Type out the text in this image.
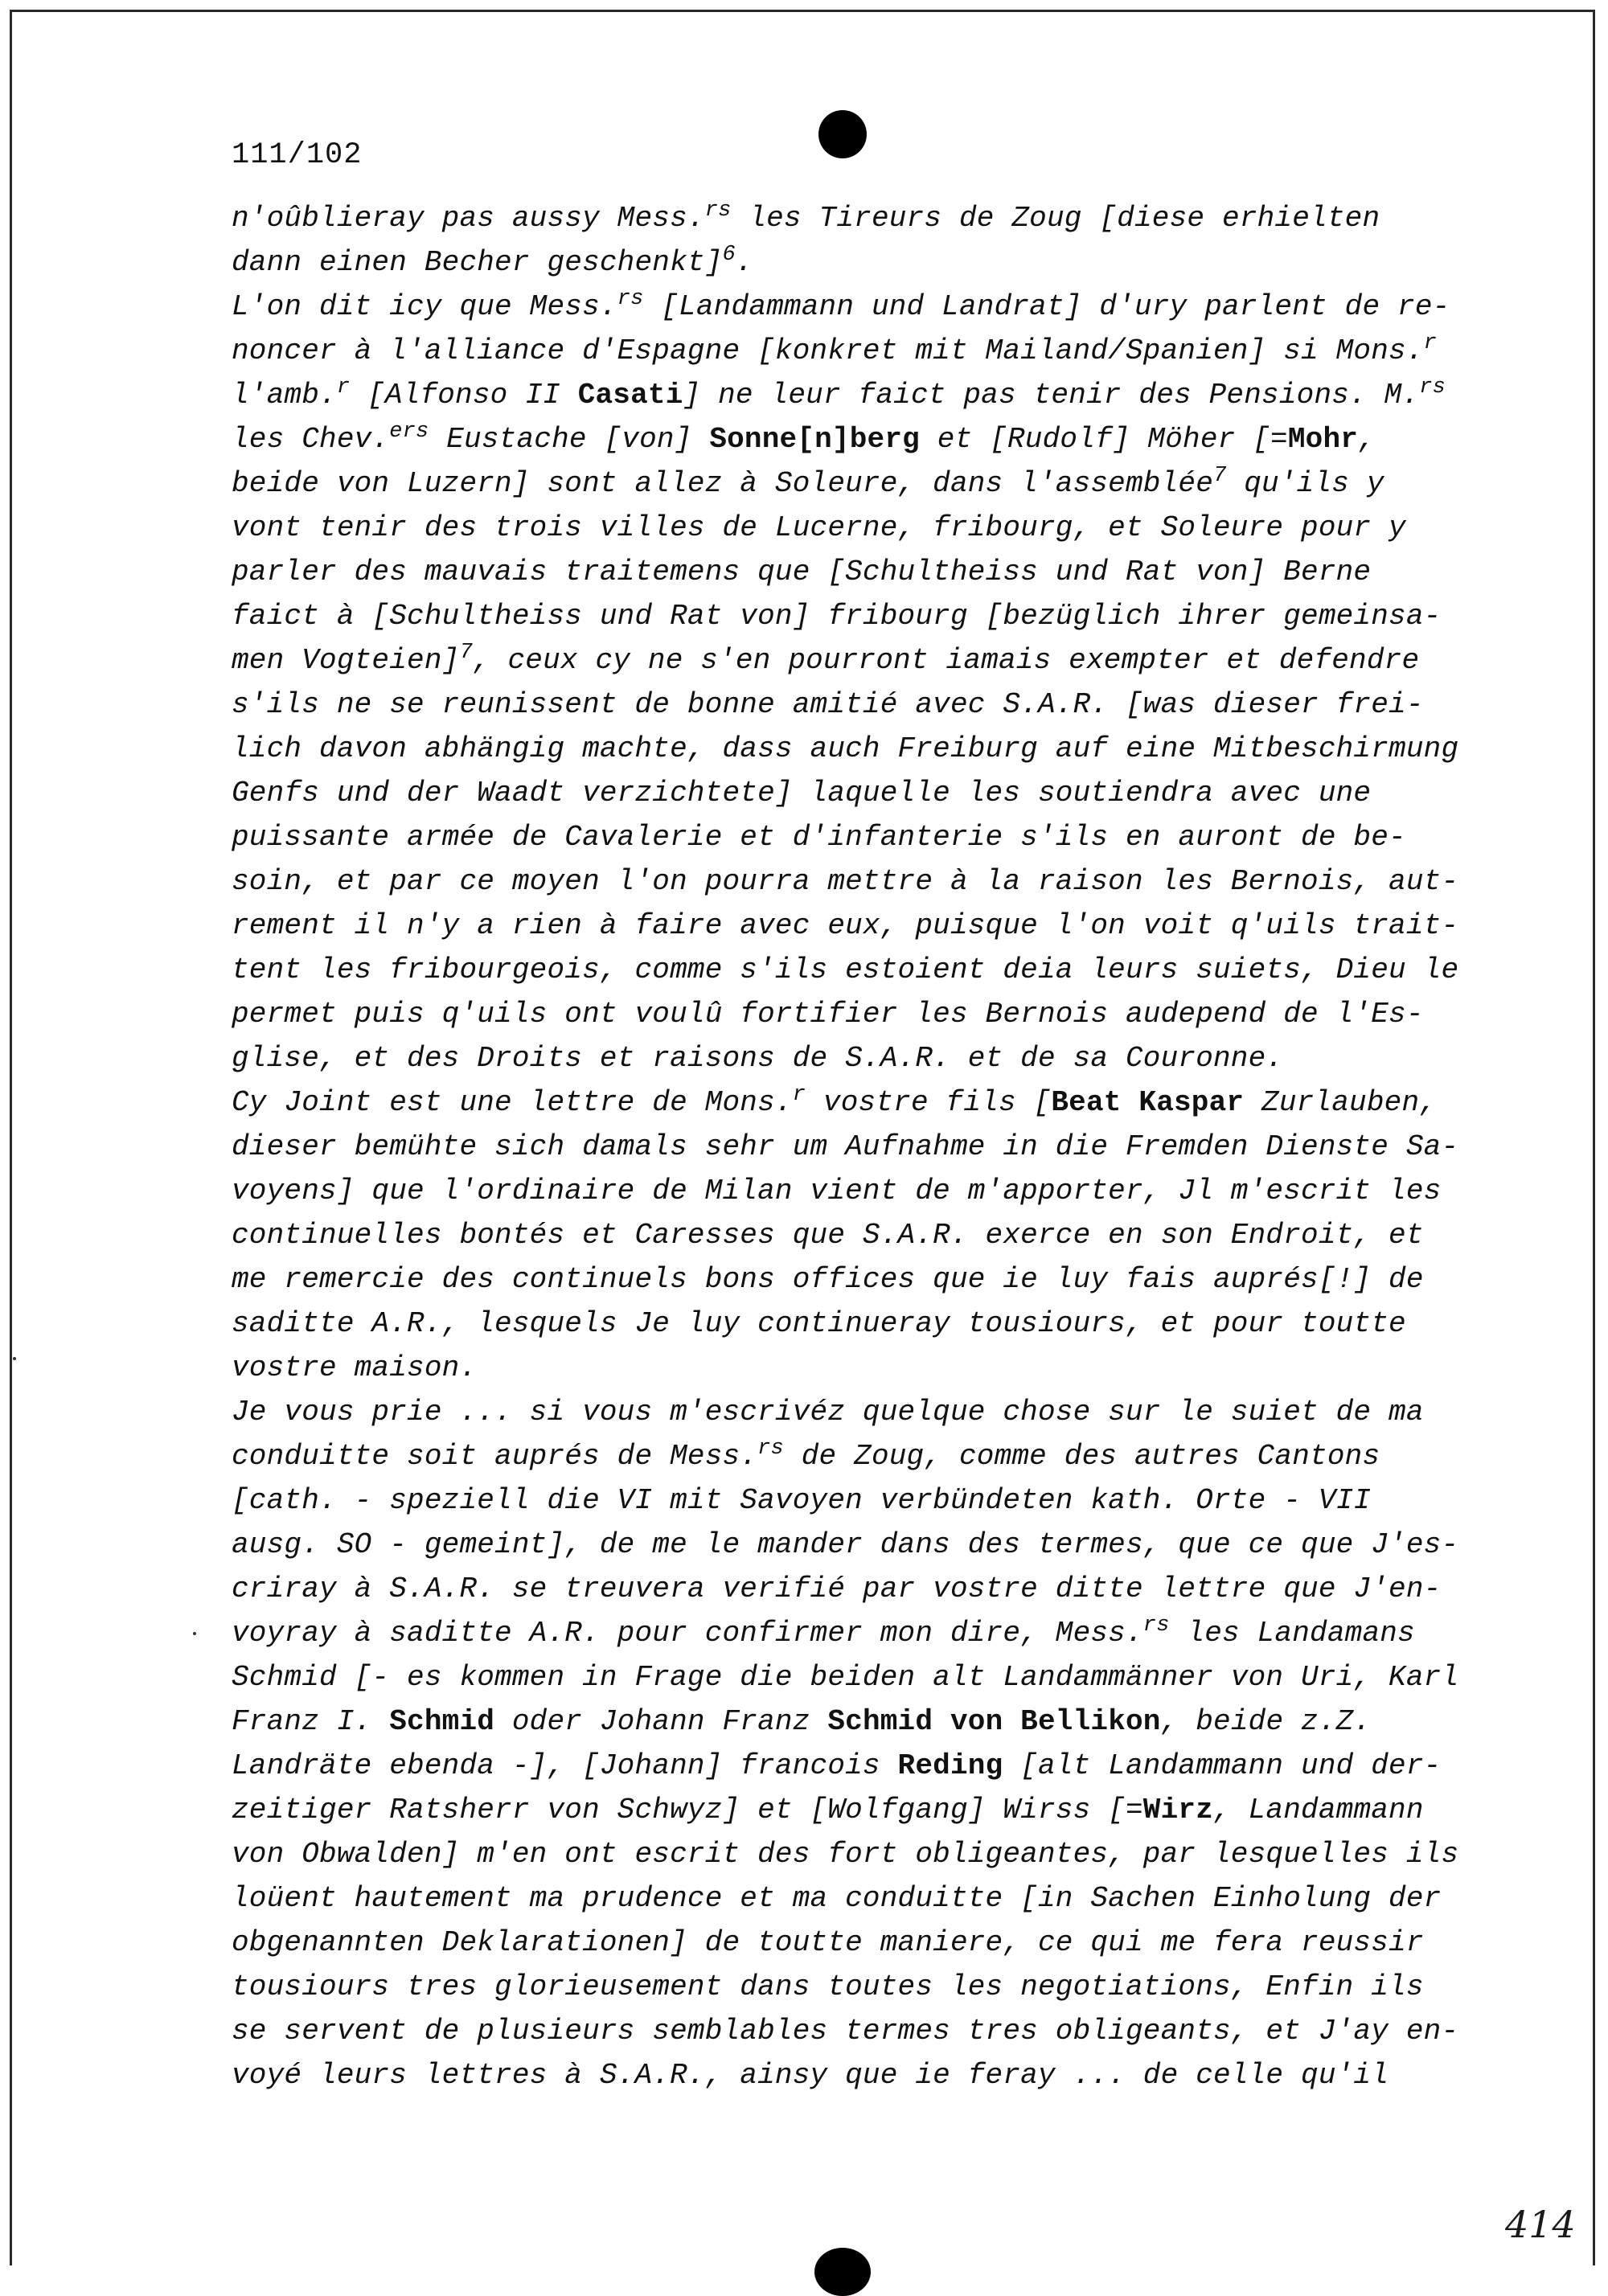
111/102
n'oûblieray pas aussy Mess.$^{rs}$ les Tireurs de Zoug [diese erhielten
dann einen Becher geschenkt]$^6$.
L'on dit icy que Mess.$^{rs}$ [Landammann und Landrat] d'ury parlent de re-
noncer à l'alliance d'Espagne [konkret mit Mailand/Spanien] si Mons.$^r$
l'amb.$^r$ [Alfonso II Casati] ne leur faict pas tenir des Pensions. M.$^{rs}$
les Chev.$^{ers}$ Eustache [von] Sonne[n]berg et [Rudolf] Möher [=Mohr,
beide von Luzern] sont allez à Soleure, dans l'assemblée$^7$ qu'ils y
vont tenir des trois villes de Lucerne, fribourg, et Soleure pour y
parler des mauvais traitemens que [Schultheiss und Rat von] Berne
faict à [Schultheiss und Rat von] fribourg [bezüglich ihrer gemeinsa-
men Vogteien]$^7$, ceux cy ne s'en pourront iamais exempter et defendre
s'ils ne se reunissent de bonne amitié avec S.A.R. [was dieser frei-
lich davon abhängig machte, dass auch Freiburg auf eine Mitbeschirmung
Genfs und der Waadt verzichtete] laquelle les soutiendra avec une
puissante armée de Cavalerie et d'infanterie s'ils en auront de be-
soin, et par ce moyen l'on pourra mettre à la raison les Bernois, aut-
rement il n'y a rien à faire avec eux, puisque l'on voit q'uils trait-
tent les fribourgeois, comme s'ils estoient deia leurs suiets, Dieu le
permet puis q'uils ont voulû fortifier les Bernois audepend de l'Es-
glise, et des Droits et raisons de S.A.R. et de sa Couronne.
Cy Joint est une lettre de Mons.$^r$ vostre fils [Beat Kaspar Zurlauben,
dieser bemühte sich damals sehr um Aufnahme in die Fremden Dienste Sa-
voyens] que l'ordinaire de Milan vient de m'apporter, Jl m'escrit les
continuelles bontés et Caresses que S.A.R. exerce en son Endroit, et
me remercie des continuels bons offices que ie luy fais auprés[!] de
saditte A.R., lesquels Je luy continueray tousiours, et pour toutte
vostre maison.
Je vous prie ... si vous m'escrivéz quelque chose sur le suiet de ma
conduitte soit auprés de Mess.$^{rs}$ de Zoug, comme des autres Cantons
[cath. - speziell die VI mit Savoyen verbündeten kath. Orte - VII
ausg. SO - gemeint], de me le mander dans des termes, que ce que J'es-
criray à S.A.R. se treuvera verifié par vostre ditte lettre que J'en-
voyray à saditte A.R. pour confirmer mon dire, Mess.$^{rs}$ les Landamans
Schmid [- es kommen in Frage die beiden alt Landammänner von Uri, Karl
Franz I. Schmid oder Johann Franz Schmid von Bellikon, beide z.Z.
Landräte ebenda -], [Johann] francois Reding [alt Landammann und der-
zeitiger Ratsherr von Schwyz] et [Wolfgang] Wirss [=Wirz, Landammann
von Obwalden] m'en ont escrit des fort obligeantes, par lesquelles ils
loüent hautement ma prudence et ma conduitte [in Sachen Einholung der
obgenannten Deklarationen] de toutte maniere, ce qui me fera reussir
tousiours tres glorieusement dans toutes les negotiations, Enfin ils
se servent de plusieurs semblables termes tres obligeants, et J'ay en-
voyé leurs lettres à S.A.R., ainsy que ie feray ... de celle qu'il
414
